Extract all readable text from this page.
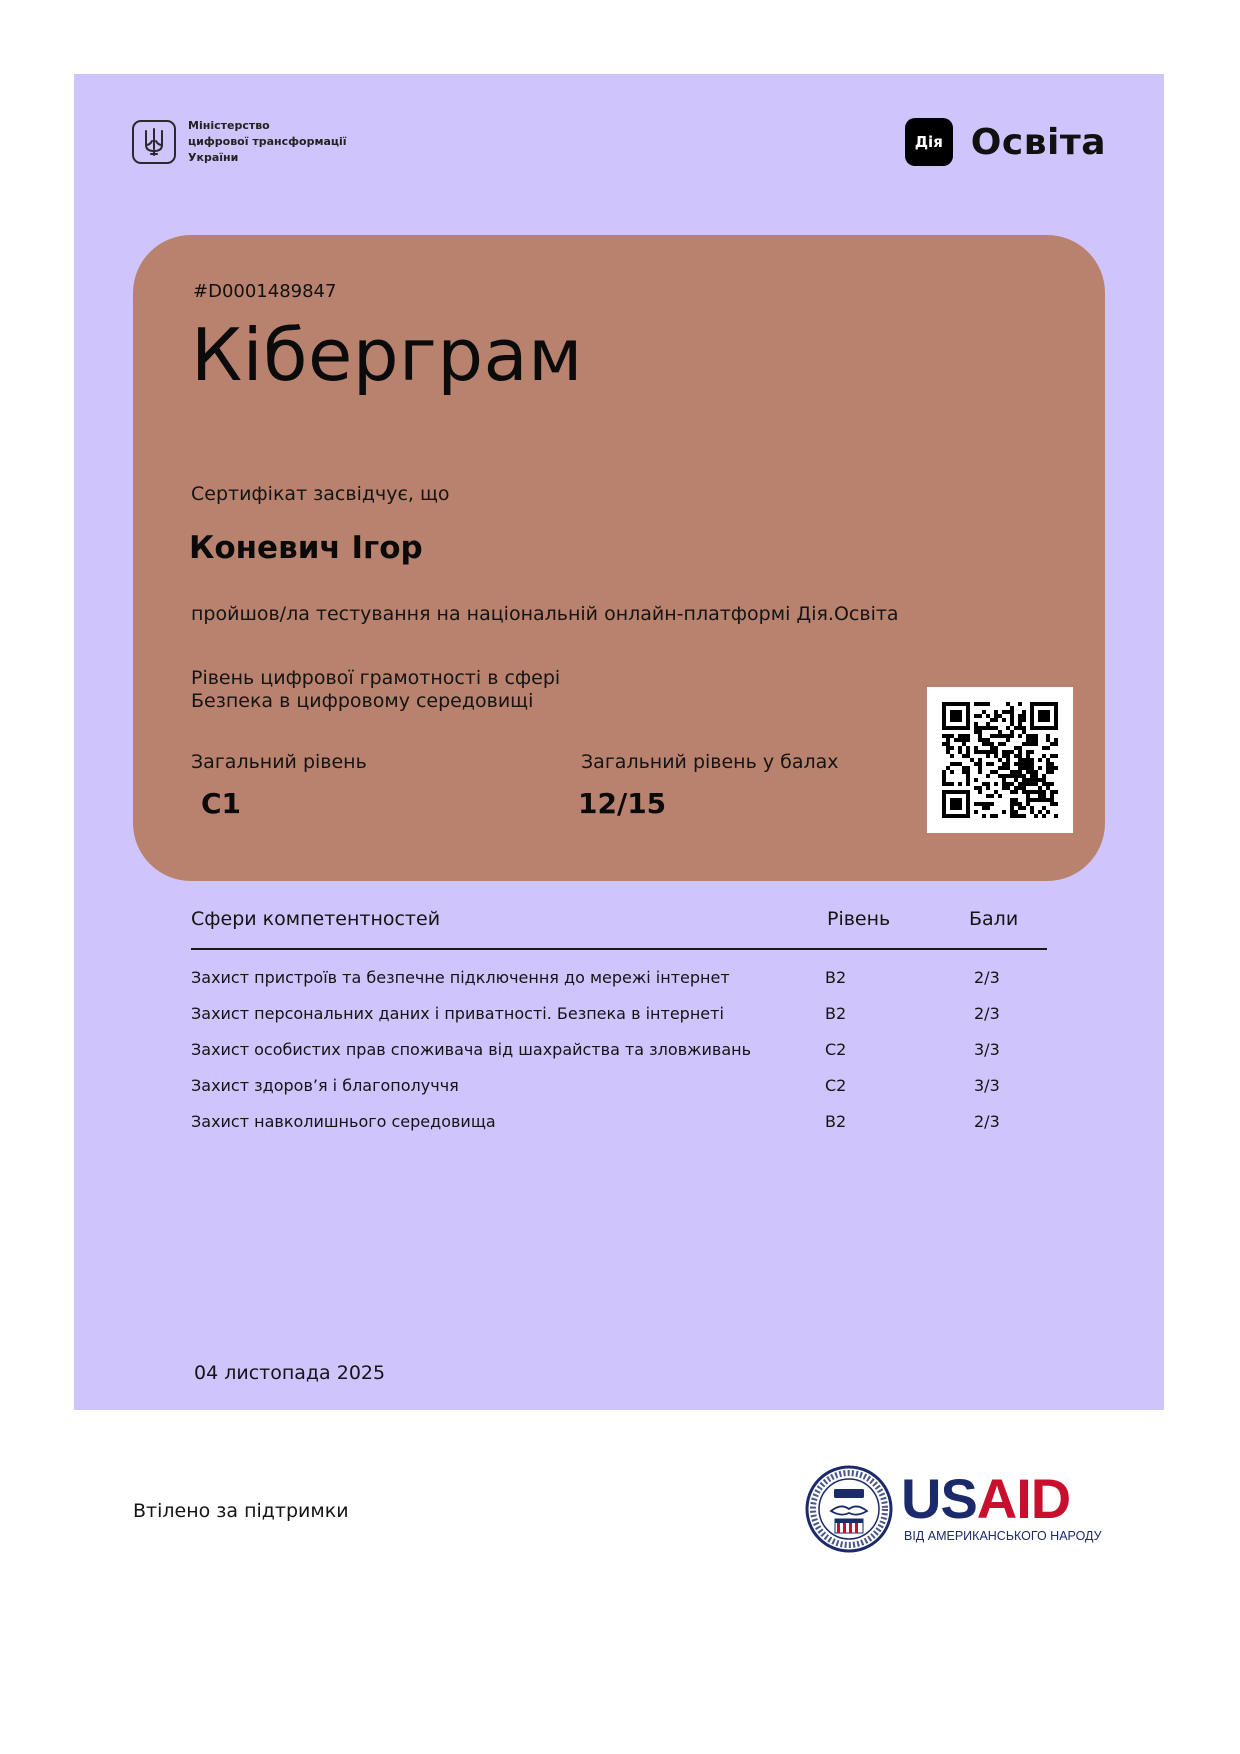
Міністерство
цифрової трансформації
України
Дія Освіта
#D0001489847
Кіберграм
Сертифікат засвідчує, що
Коневич Ігор
пройшов/ла тестування на національній онлайн-платформі Дія.Освіта
Рівень цифрової грамотності в сфері
Безпека в цифровому середовищі
Загальний рівень	Загальний рівень у балах
C1	12/15
Сфери компетентностей	Рівень	Бали
Захист пристроїв та безпечне підключення до мережі інтернет	B2	2/3
Захист персональних даних і приватності. Безпека в інтернеті	B2	2/3
Захист особистих прав споживача від шахрайства та зловживань	C2	3/3
Захист здоров’я і благополуччя	C2	3/3
Захист навколишнього середовища	B2	2/3
04 листопада 2025
Втілено за підтримки	USAID
ВІД АМЕРИКАНСЬКОГО НАРОДУ
